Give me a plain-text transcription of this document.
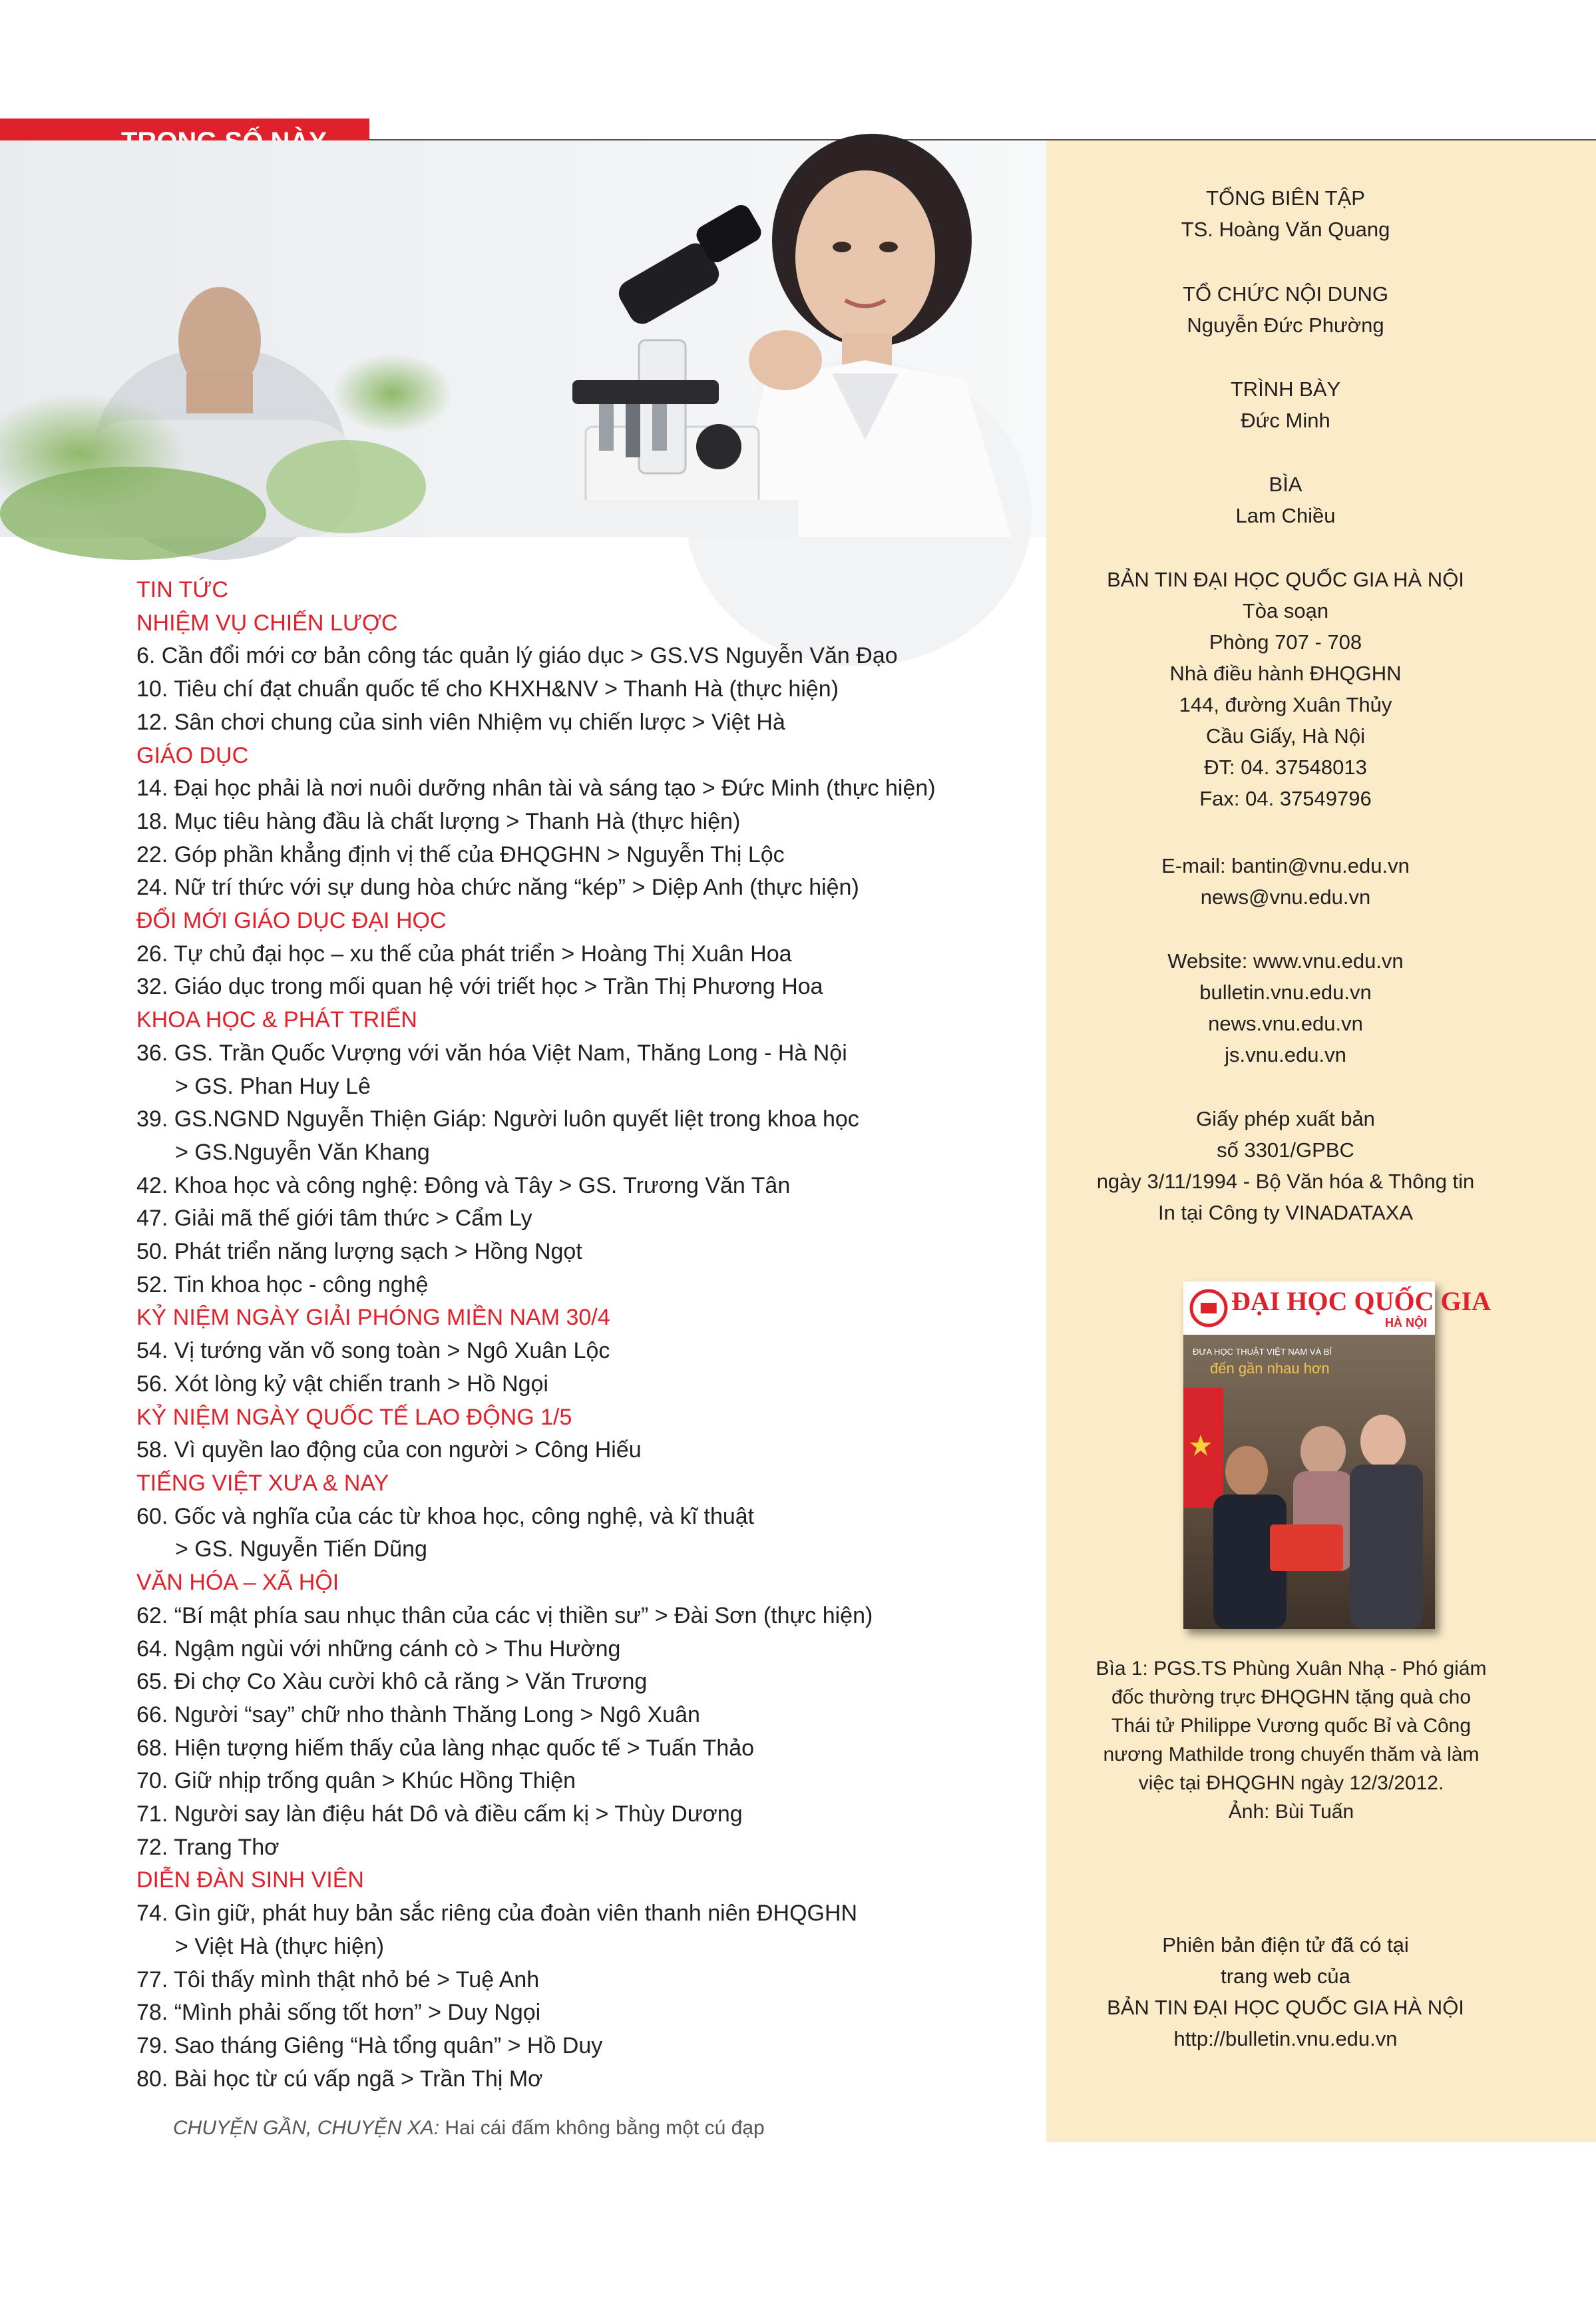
TỔNG BIÊN TẬP
TS. Hoàng Văn Quang
TỔ CHỨC NỘI DUNG
Nguyễn Đức Phường
TRÌNH BÀY
Đức Minh
BÌA
Lam Chiều
BẢN TIN ĐẠI HỌC QUỐC GIA HÀ NỘI
Tòa soạn
Phòng 707 - 708
Nhà điều hành ĐHQGHN
144, đường Xuân Thủy
Cầu Giấy, Hà Nội
ĐT: 04. 37548013
Fax: 04. 37549796
E-mail: bantin@vnu.edu.vn
news@vnu.edu.vn
Website: www.vnu.edu.vn
bulletin.vnu.edu.vn
news.vnu.edu.vn
js.vnu.edu.vn
Giấy phép xuất bản
số 3301/GPBC
ngày 3/11/1994 - Bộ Văn hóa & Thông tin
In tại Công ty VINADATAXA
Phiên bản điện tử đã có tại
trang web của
BẢN TIN ĐẠI HỌC QUỐC GIA HÀ NỘI
http://bulletin.vnu.edu.vn
ĐẠI HỌC QUỐC GIA
HÀ NỘI
ĐƯA HỌC THUẬT VIỆT NAM VÀ BỈ
đến gần nhau hơn
Bìa 1: PGS.TS Phùng Xuân Nhạ - Phó giám
đốc thường trực ĐHQGHN tặng quà cho
Thái tử Philippe Vương quốc Bỉ và Công
nương Mathilde trong chuyến thăm và làm
việc tại ĐHQGHN ngày 12/3/2012.
Ảnh: Bùi Tuấn
TIN TỨC
NHIỆM VỤ CHIẾN LƯỢC
6. Cần đổi mới cơ bản công tác quản lý giáo dục > GS.VS Nguyễn Văn Đạo
10. Tiêu chí đạt chuẩn quốc tế cho KHXH&NV > Thanh Hà (thực hiện)
12. Sân chơi chung của sinh viên Nhiệm vụ chiến lược > Việt Hà
GIÁO DỤC
14. Đại học phải là nơi nuôi dưỡng nhân tài và sáng tạo > Đức Minh (thực hiện)
18. Mục tiêu hàng đầu là chất lượng > Thanh Hà (thực hiện)
22. Góp phần khẳng định vị thế của ĐHQGHN > Nguyễn Thị Lộc
24. Nữ trí thức với sự dung hòa chức năng “kép” > Diệp Anh (thực hiện)
ĐỔI MỚI GIÁO DỤC ĐẠI HỌC
26. Tự chủ đại học – xu thế của phát triển > Hoàng Thị Xuân Hoa
32. Giáo dục trong mối quan hệ với triết học > Trần Thị Phương Hoa
KHOA HỌC & PHÁT TRIỂN
36. GS. Trần Quốc Vượng với văn hóa Việt Nam, Thăng Long - Hà Nội
> GS. Phan Huy Lê
39. GS.NGND Nguyễn Thiện Giáp: Người luôn quyết liệt trong khoa học
> GS.Nguyễn Văn Khang
42. Khoa học và công nghệ: Đông và Tây > GS. Trương Văn Tân
47. Giải mã thế giới tâm thức > Cẩm Ly
50. Phát triển năng lượng sạch > Hồng Ngọt
52. Tin khoa học - công nghệ
KỶ NIỆM NGÀY GIẢI PHÓNG MIỀN NAM 30/4
54. Vị tướng văn võ song toàn > Ngô Xuân Lộc
56. Xót lòng kỷ vật chiến tranh > Hồ Ngọi
KỶ NIỆM NGÀY QUỐC TẾ LAO ĐỘNG 1/5
58. Vì quyền lao động của con người > Công Hiếu
TIẾNG VIỆT XƯA & NAY
60. Gốc và nghĩa của các từ khoa học, công nghệ, và kĩ thuật
> GS. Nguyễn Tiến Dũng
VĂN HÓA – XÃ HỘI
62. “Bí mật phía sau nhục thân của các vị thiền sư” > Đài Sơn (thực hiện)
64. Ngậm ngùi với những cánh cò > Thu Hường
65. Đi chợ Co Xàu cười khô cả răng > Văn Trương
66. Người “say” chữ nho thành Thăng Long > Ngô Xuân
68. Hiện tượng hiếm thấy của làng nhạc quốc tế > Tuấn Thảo
70. Giữ nhịp trống quân > Khúc Hồng Thiện
71. Người say làn điệu hát Dô và điều cấm kị > Thùy Dương
72. Trang Thơ
DIỄN ĐÀN SINH VIÊN
74. Gìn giữ, phát huy bản sắc riêng của đoàn viên thanh niên ĐHQGHN
> Việt Hà (thực hiện)
77. Tôi thấy mình thật nhỏ bé > Tuệ Anh
78. “Mình phải sống tốt hơn” > Duy Ngọi
79. Sao tháng Giêng “Hà tổng quân” > Hồ Duy
80. Bài học từ cú vấp ngã > Trần Thị Mơ
CHUYỆN GẦN, CHUYỆN XA: Hai cái đấm không bằng một cú đạp
